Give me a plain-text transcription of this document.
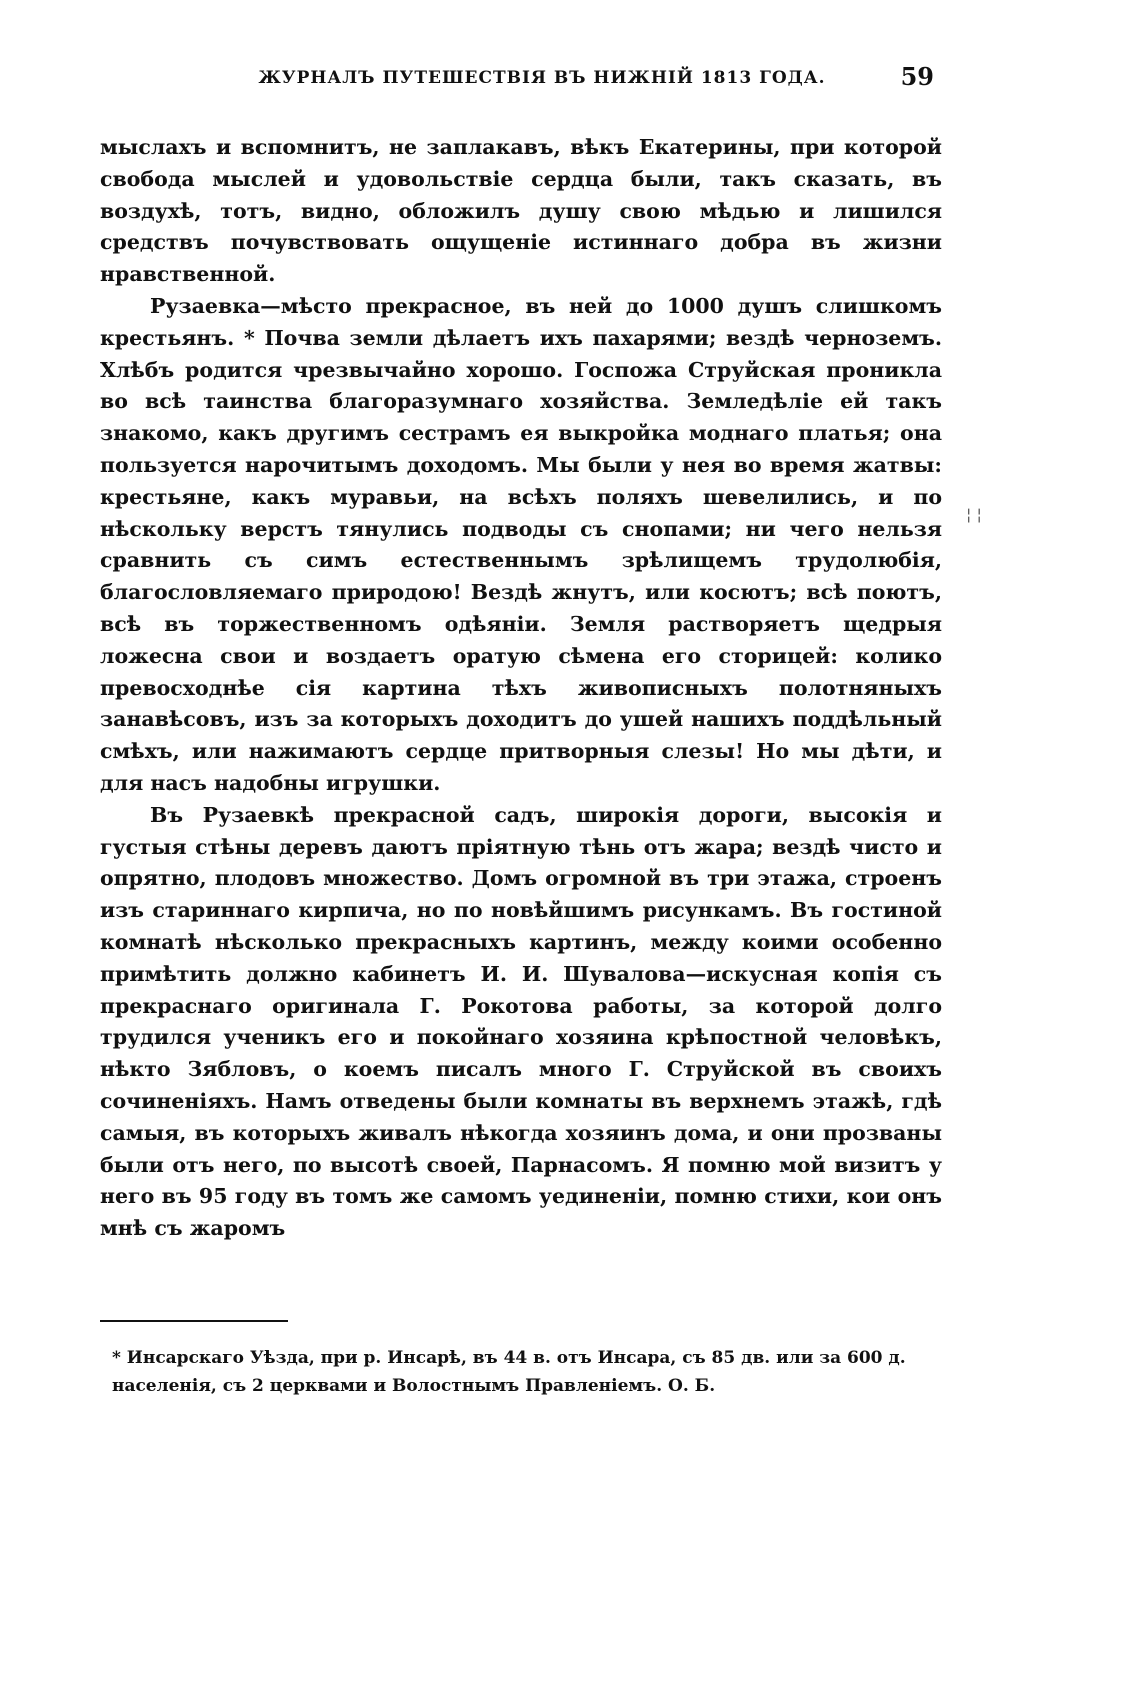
ЖУРНАЛЪ ПУТЕШЕСТВІЯ ВЪ НИЖНІЙ 1813 ГОДА.	59

мыслахъ и вспомнитъ, не заплакавъ, вѣкъ Екатерины, при которой свобода мыслей и удовольствіе сердца были, такъ сказать, въ воздухѣ, тотъ, видно, обложилъ душу свою мѣдью и лишился средствъ почувствовать ощущеніе истиннаго добра въ жизни нравственной.

Рузаевка—мѣсто прекрасное, въ ней до 1000 душъ слишкомъ крестьянъ. * Почва земли дѣлаетъ ихъ пахарями; вездѣ черноземъ. Хлѣбъ родится чрезвычайно хорошо. Госпожа Струйская проникла во всѣ таинства благоразумнаго хозяйства. Земледѣліе ей такъ знакомо, какъ другимъ сестрамъ ея выкройка моднаго платья; она пользуется нарочитымъ доходомъ. Мы были у нея во время жатвы: крестьяне, какъ муравьи, на всѣхъ поляхъ шевелились, и по нѣскольку верстъ тянулись подводы съ снопами; ни чего нельзя сравнить съ симъ естественнымъ зрѣлищемъ трудолюбія, благословляемаго природою! Вездѣ жнутъ, или косютъ; всѣ поютъ, всѣ въ торжественномъ одѣяніи. Земля растворяетъ щедрыя ложесна свои и воздаетъ оратую сѣмена его сторицей: колико превосходнѣе сія картина тѣхъ живописныхъ полотняныхъ занавѣсовъ, изъ за которыхъ доходитъ до ушей нашихъ поддѣльный смѣхъ, или нажимаютъ сердце притворныя слезы! Но мы дѣти, и для насъ надобны игрушки.

Въ Рузаевкѣ прекрасной садъ, широкія дороги, высокія и густыя стѣны деревъ даютъ пріятную тѣнь отъ жара; вездѣ чисто и опрятно, плодовъ множество. Домъ огромной въ три этажа, строенъ изъ стариннаго кирпича, но по новѣйшимъ рисункамъ. Въ гостиной комнатѣ нѣсколько прекрасныхъ картинъ, между коими особенно примѣтить должно кабинетъ И. И. Шувалова—искусная копія съ прекраснаго оригинала Г. Рокотова работы, за которой долго трудился ученикъ его и покойнаго хозяина крѣпостной человѣкъ, нѣкто Зябловъ, о коемъ писалъ много Г. Струйской въ своихъ сочиненіяхъ. Намъ отведены были комнаты въ верхнемъ этажѣ, гдѣ самыя, въ которыхъ живалъ нѣкогда хозяинъ дома, и они прозваны были отъ него, по высотѣ своей, Парнасомъ. Я помню мой визитъ у него въ 95 году въ томъ же самомъ уединеніи, помню стихи, кои онъ мнѣ съ жаромъ

* Инсарскаго Уѣзда, при р. Инсарѣ, въ 44 в. отъ Инсара, съ 85 дв. или за 600 д. населенія, съ 2 церквами и Волостнымъ Правленіемъ. О. Б.
¦ ¦
